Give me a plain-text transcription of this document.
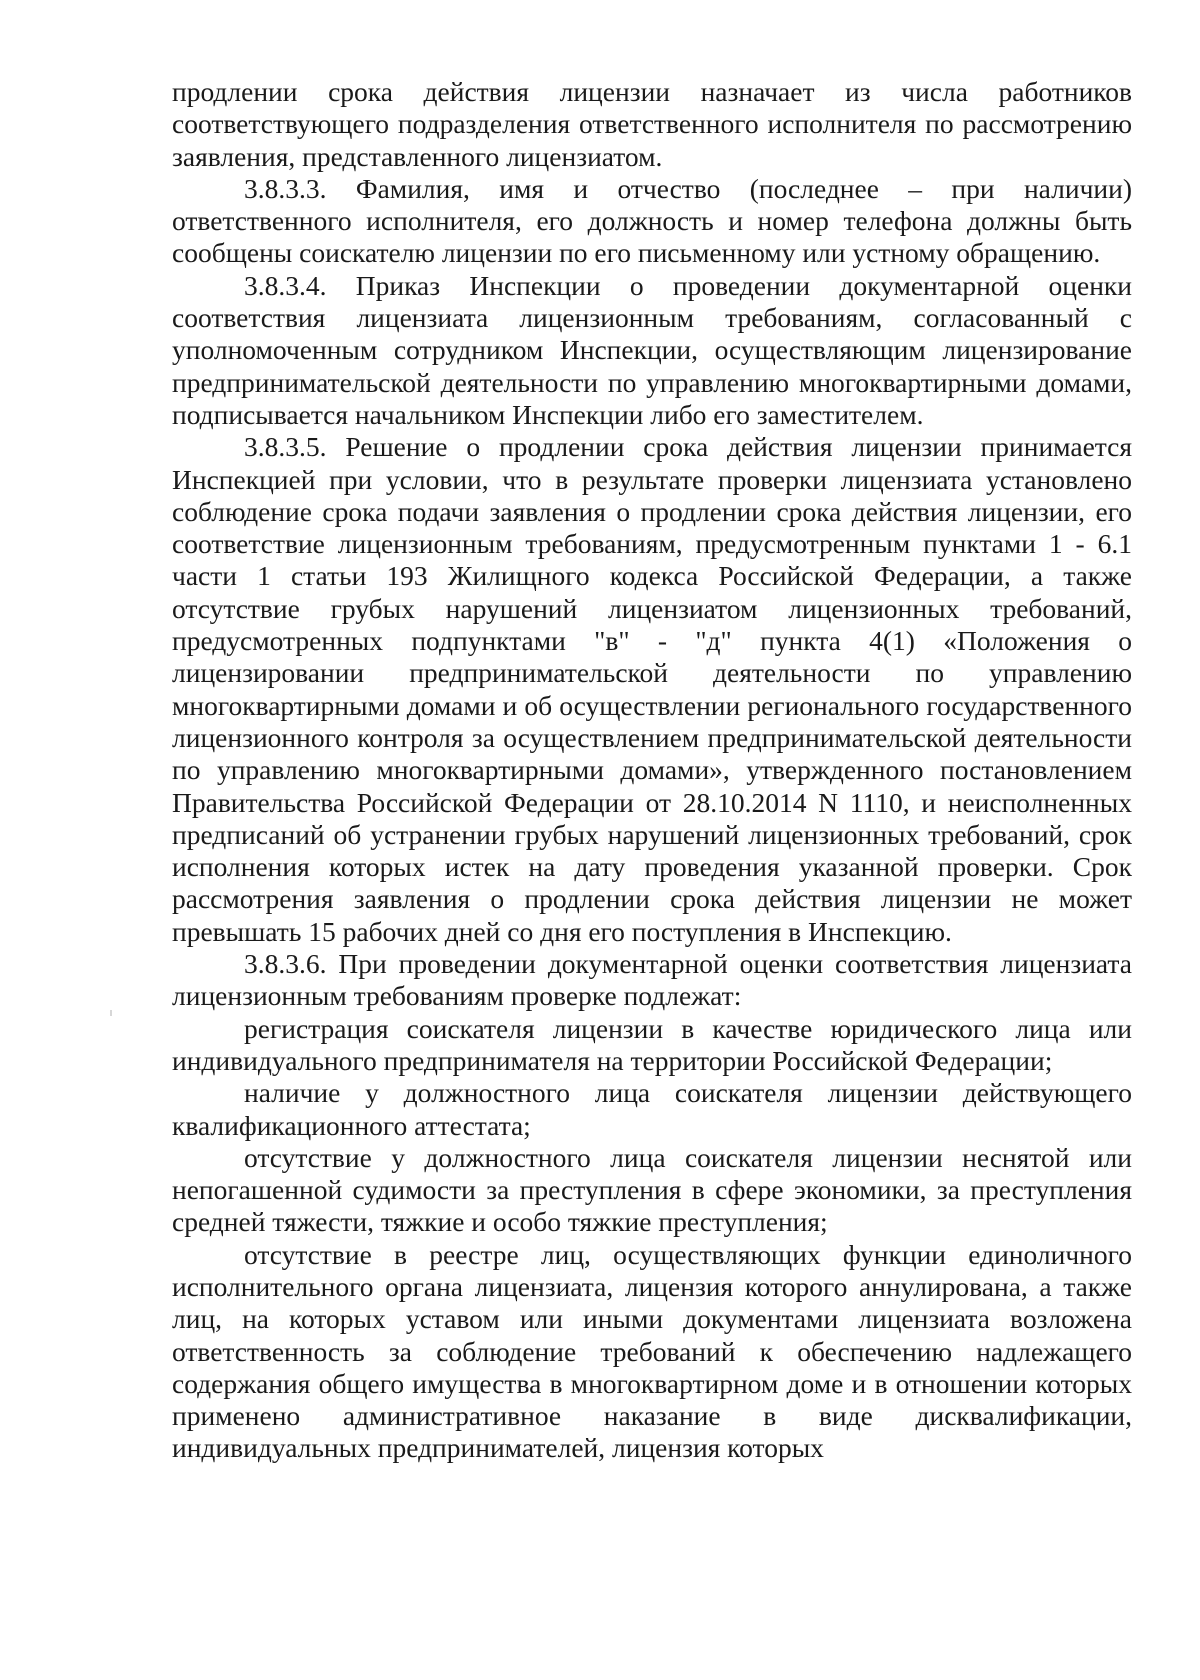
продлении срока действия лицензии назначает из числа работников соответствующего подразделения ответственного исполнителя по рассмотрению заявления, представленного лицензиатом.

3.8.3.3. Фамилия, имя и отчество (последнее – при наличии) ответственного исполнителя, его должность и номер телефона должны быть сообщены соискателю лицензии по его письменному или устному обращению.

3.8.3.4. Приказ Инспекции о проведении документарной оценки соответствия лицензиата лицензионным требованиям, согласованный с уполномоченным сотрудником Инспекции, осуществляющим лицензирование предпринимательской деятельности по управлению многоквартирными домами, подписывается начальником Инспекции либо его заместителем.

3.8.3.5. Решение о продлении срока действия лицензии принимается Инспекцией при условии, что в результате проверки лицензиата установлено соблюдение срока подачи заявления о продлении срока действия лицензии, его соответствие лицензионным требованиям, предусмотренным пунктами 1 - 6.1 части 1 статьи 193 Жилищного кодекса Российской Федерации, а также отсутствие грубых нарушений лицензиатом лицензионных требований, предусмотренных подпунктами "в" - "д" пункта 4(1) «Положения о лицензировании предпринимательской деятельности по управлению многоквартирными домами и об осуществлении регионального государственного лицензионного контроля за осуществлением предпринимательской деятельности по управлению многоквартирными домами», утвержденного постановлением Правительства Российской Федерации от 28.10.2014 N 1110, и неисполненных предписаний об устранении грубых нарушений лицензионных требований, срок исполнения которых истек на дату проведения указанной проверки. Срок рассмотрения заявления о продлении срока действия лицензии не может превышать 15 рабочих дней со дня его поступления в Инспекцию.

3.8.3.6. При проведении документарной оценки соответствия лицензиата лицензионным требованиям проверке подлежат:

регистрация соискателя лицензии в качестве юридического лица или индивидуального предпринимателя на территории Российской Федерации;

наличие у должностного лица соискателя лицензии действующего квалификационного аттестата;

отсутствие у должностного лица соискателя лицензии неснятой или непогашенной судимости за преступления в сфере экономики, за преступления средней тяжести, тяжкие и особо тяжкие преступления;

отсутствие в реестре лиц, осуществляющих функции единоличного исполнительного органа лицензиата, лицензия которого аннулирована, а также лиц, на которых уставом или иными документами лицензиата возложена ответственность за соблюдение требований к обеспечению надлежащего содержания общего имущества в многоквартирном доме и в отношении которых применено административное наказание в виде дисквалификации, индивидуальных предпринимателей, лицензия которых
